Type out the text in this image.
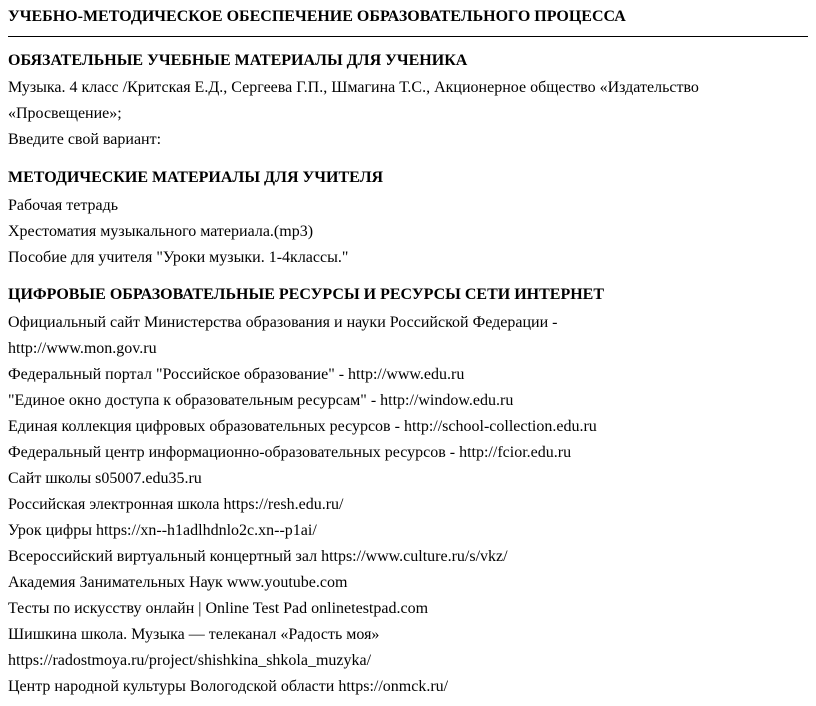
УЧЕБНО-МЕТОДИЧЕСКОЕ ОБЕСПЕЧЕНИЕ ОБРАЗОВАТЕЛЬНОГО ПРОЦЕССА
ОБЯЗАТЕЛЬНЫЕ УЧЕБНЫЕ МАТЕРИАЛЫ ДЛЯ УЧЕНИКА
Музыка. 4 класс /Критская Е.Д., Сергеева Г.П., Шмагина Т.С., Акционерное общество «Издательство
«Просвещение»;
Введите свой вариант:
МЕТОДИЧЕСКИЕ МАТЕРИАЛЫ ДЛЯ УЧИТЕЛЯ
Рабочая тетрадь
Хрестоматия музыкального материала.(mp3)
Пособие для учителя "Уроки музыки. 1-4классы."
ЦИФРОВЫЕ ОБРАЗОВАТЕЛЬНЫЕ РЕСУРСЫ И РЕСУРСЫ СЕТИ ИНТЕРНЕТ
Официальный сайт Министерства образования и науки Российской Федерации -
http://www.mon.gov.ru
Федеральный портал "Российское образование" - http://www.edu.ru
"Единое окно доступа к образовательным ресурсам" - http://window.edu.ru
Единая коллекция цифровых образовательных ресурсов - http://school-collection.edu.ru
Федеральный центр информационно-образовательных ресурсов - http://fcior.edu.ru
Сайт школы s05007.edu35.ru
Российская электронная школа https://resh.edu.ru/
Урок цифры https://xn--h1adlhdnlo2c.xn--p1ai/
Всероссийский виртуальный концертный зал https://www.culture.ru/s/vkz/
Академия Занимательных Наук www.youtube.com
Тесты по искусству онлайн | Online Test Pad onlinetestpad.com
Шишкина школа. Музыка — телеканал «Радость моя»
https://radostmoya.ru/project/shishkina_shkola_muzyka/
Центр народной культуры Вологодской области https://onmck.ru/
